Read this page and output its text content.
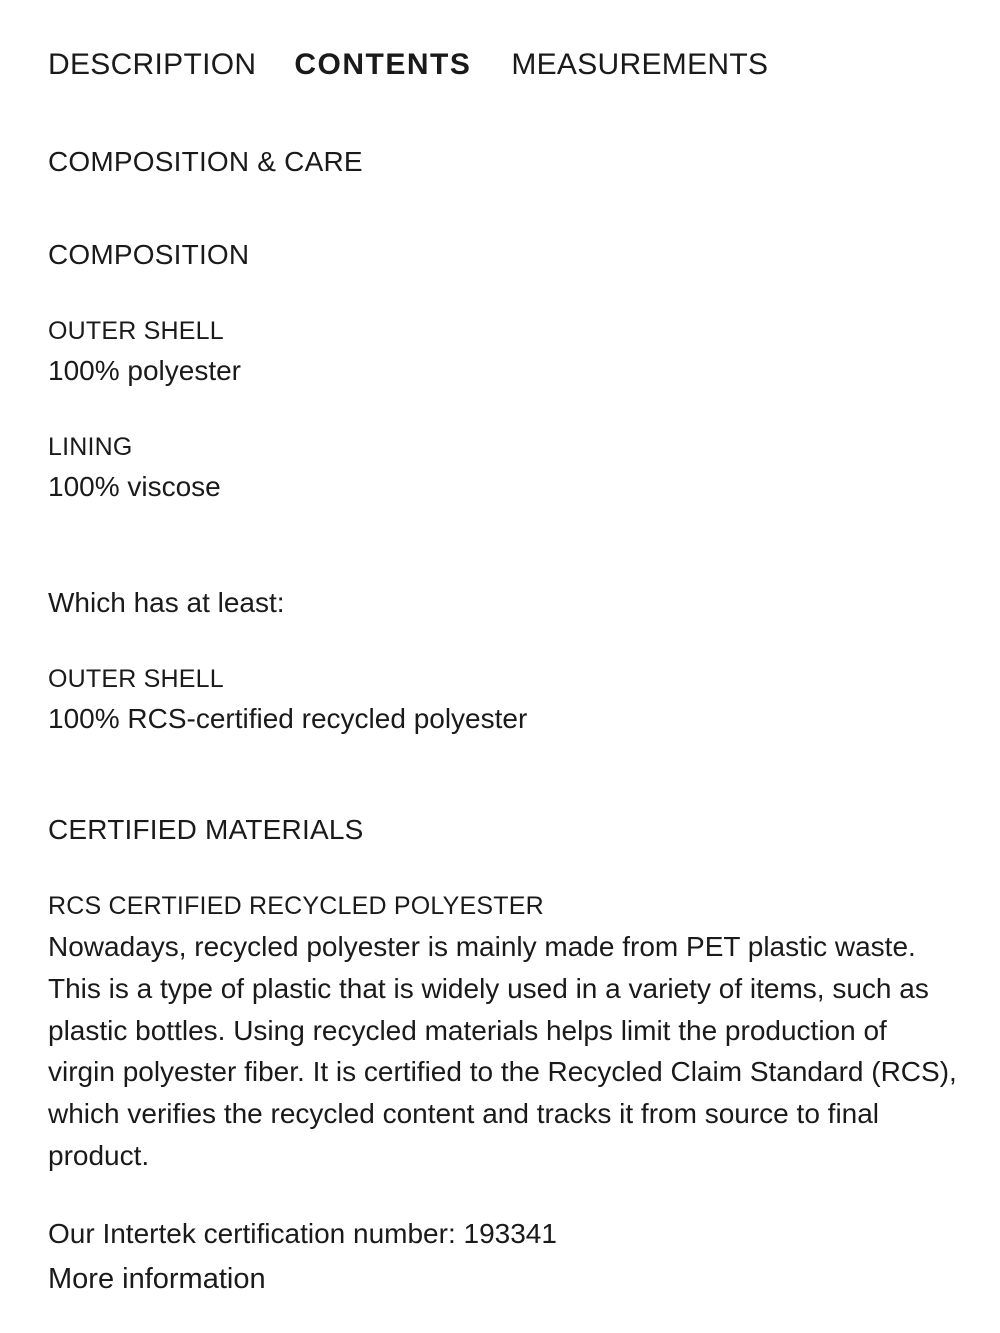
DESCRIPTION CONTENTS MEASUREMENTS
COMPOSITION & CARE
COMPOSITION
OUTER SHELL
100% polyester
LINING
100% viscose
Which has at least:
OUTER SHELL
100% RCS-certified recycled polyester
CERTIFIED MATERIALS
RCS CERTIFIED RECYCLED POLYESTER

Nowadays, recycled polyester is mainly made from PET plastic waste. This is a type of plastic that is widely used in a variety of items, such as plastic bottles. Using recycled materials helps limit the production of virgin polyester fiber. It is certified to the Recycled Claim Standard (RCS), which verifies the recycled content and tracks it from source to final product.

Our Intertek certification number: 193341
More information
